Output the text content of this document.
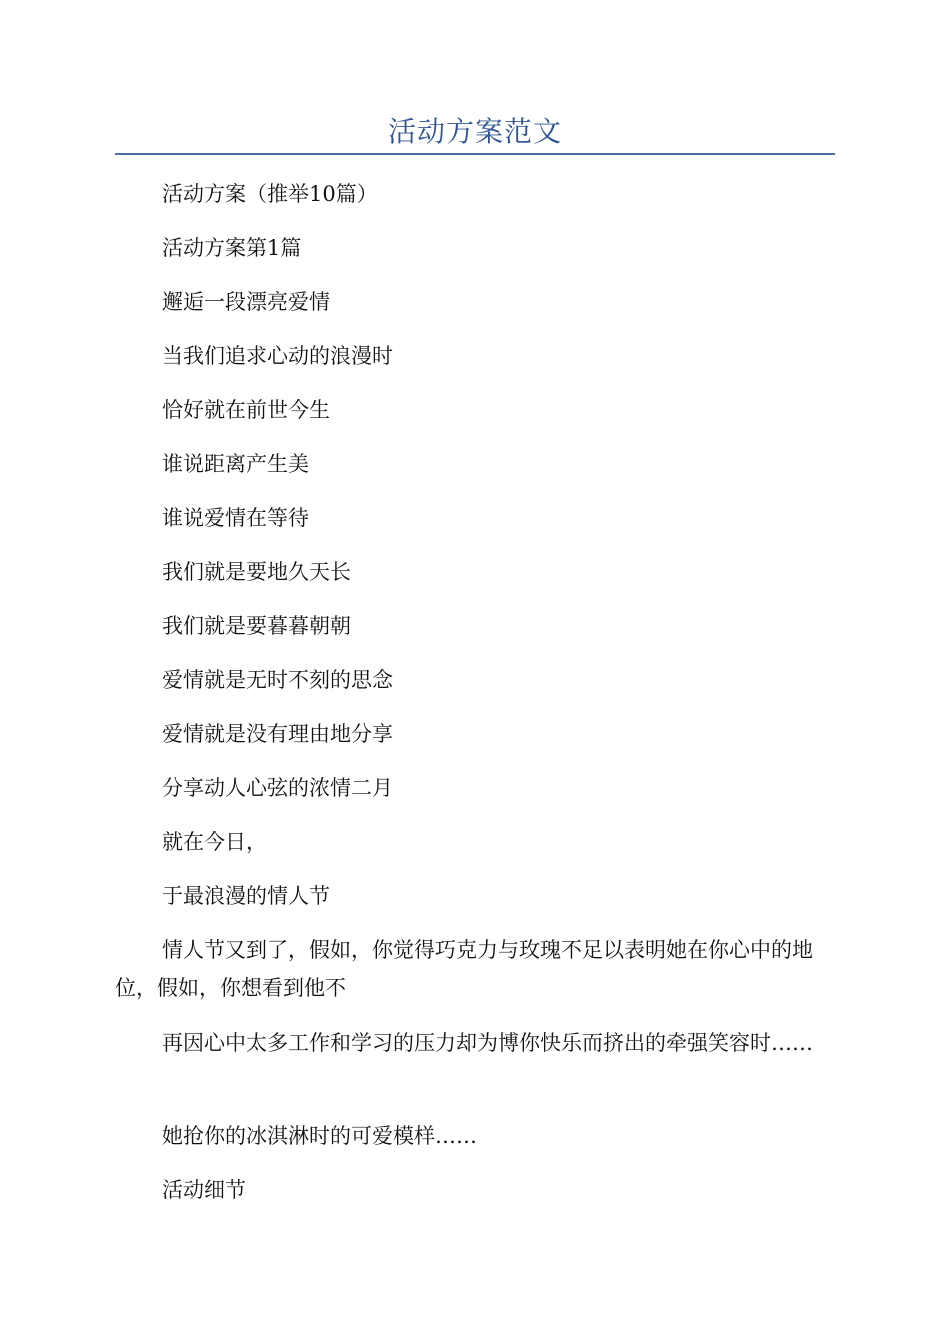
活动方案范文

活动方案（推举10篇）

活动方案第1篇

邂逅一段漂亮爱情

当我们追求心动的浪漫时

恰好就在前世今生

谁说距离产生美

谁说爱情在等待

我们就是要地久天长

我们就是要暮暮朝朝

爱情就是无时不刻的思念

爱情就是没有理由地分享

分享动人心弦的浓情二月

就在今日，

于最浪漫的情人节

情人节又到了，假如，你觉得巧克力与玫瑰不足以表明她在你心中的地位，假如，你想看到他不

再因心中太多工作和学习的压力却为博你快乐而挤出的牵强笑容时……

她抢你的冰淇淋时的可爱模样……

活动细节
